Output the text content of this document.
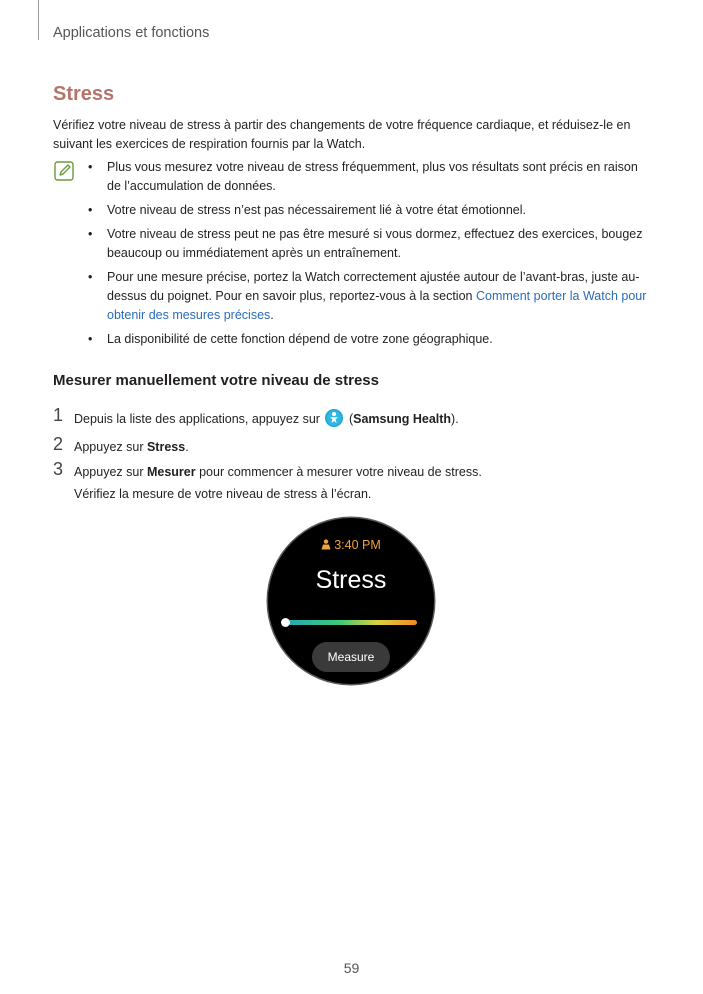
Applications et fonctions
Stress
Vérifiez votre niveau de stress à partir des changements de votre fréquence cardiaque, et réduisez-le en suivant les exercices de respiration fournis par la Watch.
• Plus vous mesurez votre niveau de stress fréquemment, plus vos résultats sont précis en raison de l’accumulation de données.
• Votre niveau de stress n’est pas nécessairement lié à votre état émotionnel.
• Votre niveau de stress peut ne pas être mesuré si vous dormez, effectuez des exercices, bougez beaucoup ou immédiatement après un entraînement.
• Pour une mesure précise, portez la Watch correctement ajustée autour de l’avant-bras, juste au-dessus du poignet. Pour en savoir plus, reportez-vous à la section Comment porter la Watch pour obtenir des mesures précises.
• La disponibilité de cette fonction dépend de votre zone géographique.
Mesurer manuellement votre niveau de stress
1 Depuis la liste des applications, appuyez sur  (Samsung Health).
2 Appuyez sur Stress.
3 Appuyez sur Mesurer pour commencer à mesurer votre niveau de stress.
Vérifiez la mesure de votre niveau de stress à l’écran.
3:40 PM
Stress
Measure
59
